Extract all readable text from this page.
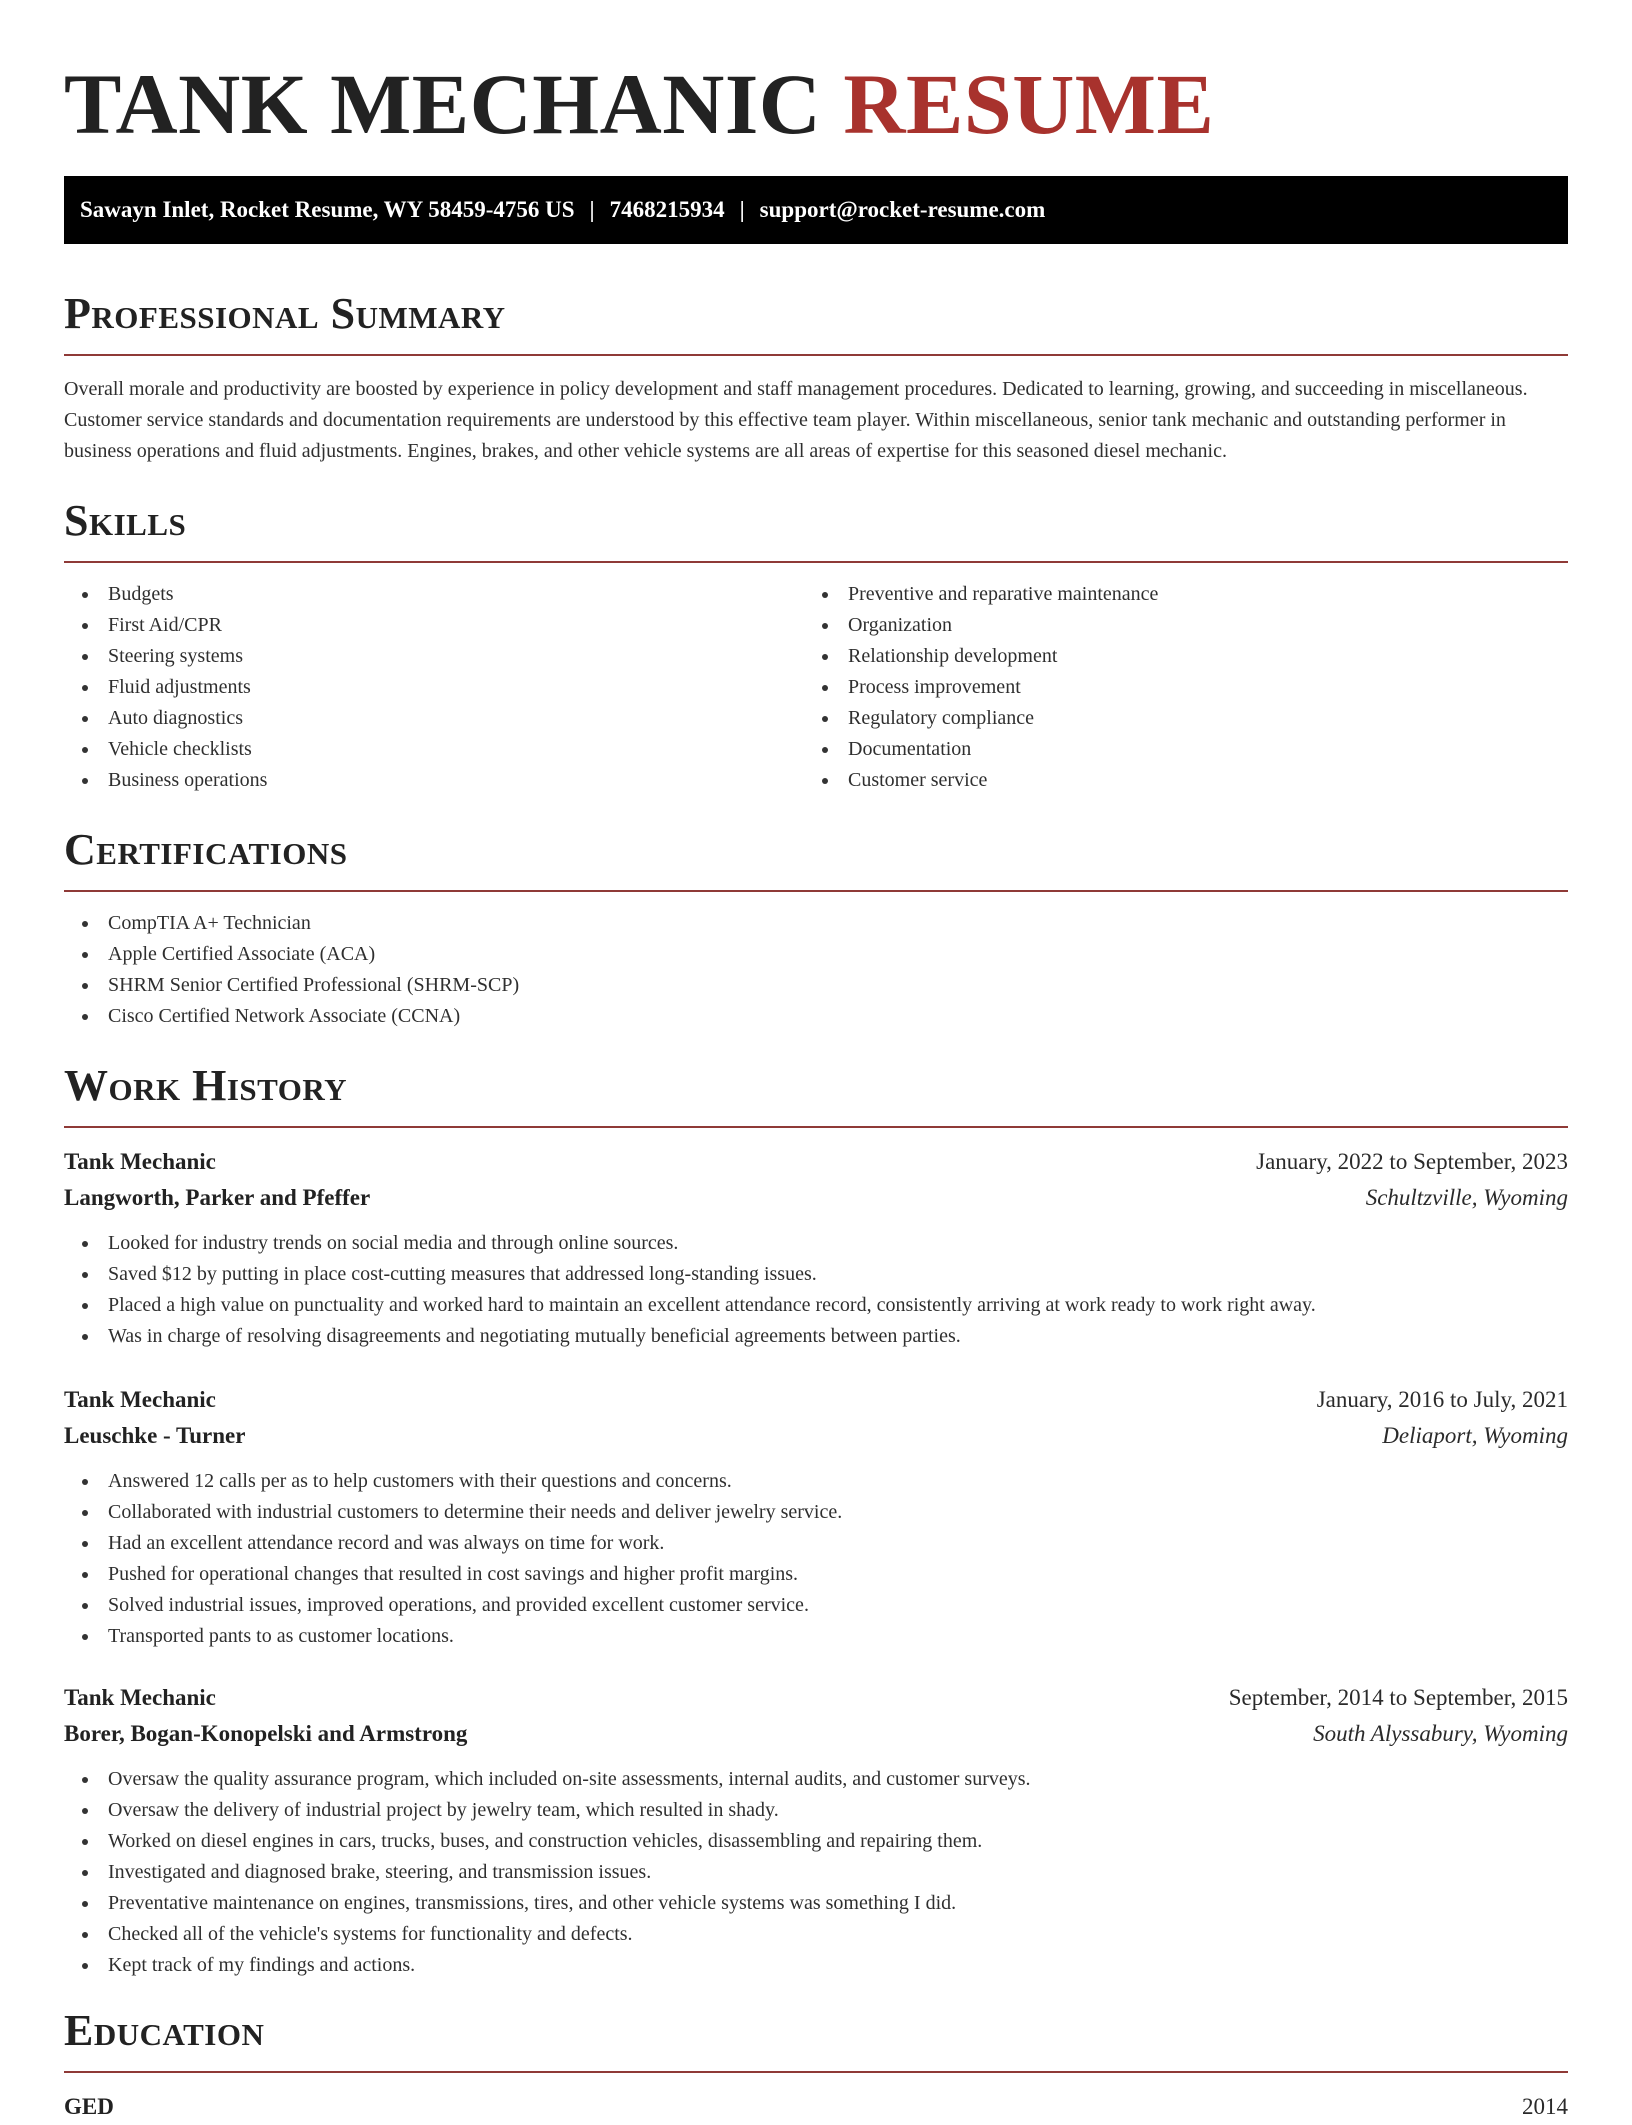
TANK MECHANIC RESUME
Sawayn Inlet, Rocket Resume, WY 58459-4756 US | 7468215934 | support@rocket-resume.com
Professional Summary

Overall morale and productivity are boosted by experience in policy development and staff management procedures. Dedicated to learning, growing, and succeeding in miscellaneous. Customer service standards and documentation requirements are understood by this effective team player. Within miscellaneous, senior tank mechanic and outstanding performer in business operations and fluid adjustments. Engines, brakes, and other vehicle systems are all areas of expertise for this seasoned diesel mechanic.

Skills
Budgets
First Aid/CPR
Steering systems
Fluid adjustments
Auto diagnostics
Vehicle checklists
Business operations
Preventive and reparative maintenance
Organization
Relationship development
Process improvement
Regulatory compliance
Documentation
Customer service
Certifications
CompTIA A+ Technician
Apple Certified Associate (ACA)
SHRM Senior Certified Professional (SHRM-SCP)
Cisco Certified Network Associate (CCNA)
Work History
Tank Mechanic	January, 2022 to September, 2023
Langworth, Parker and Pfeffer	Schultzville, Wyoming
Looked for industry trends on social media and through online sources.
Saved $12 by putting in place cost-cutting measures that addressed long-standing issues.
Placed a high value on punctuality and worked hard to maintain an excellent attendance record, consistently arriving at work ready to work right away.
Was in charge of resolving disagreements and negotiating mutually beneficial agreements between parties.
Tank Mechanic	January, 2016 to July, 2021
Leuschke - Turner	Deliaport, Wyoming
Answered 12 calls per as to help customers with their questions and concerns.
Collaborated with industrial customers to determine their needs and deliver jewelry service.
Had an excellent attendance record and was always on time for work.
Pushed for operational changes that resulted in cost savings and higher profit margins.
Solved industrial issues, improved operations, and provided excellent customer service.
Transported pants to as customer locations.
Tank Mechanic	September, 2014 to September, 2015
Borer, Bogan-Konopelski and Armstrong	South Alyssabury, Wyoming
Oversaw the quality assurance program, which included on-site assessments, internal audits, and customer surveys.
Oversaw the delivery of industrial project by jewelry team, which resulted in shady.
Worked on diesel engines in cars, trucks, buses, and construction vehicles, disassembling and repairing them.
Investigated and diagnosed brake, steering, and transmission issues.
Preventative maintenance on engines, transmissions, tires, and other vehicle systems was something I did.
Checked all of the vehicle's systems for functionality and defects.
Kept track of my findings and actions.
Education
GED	2014
